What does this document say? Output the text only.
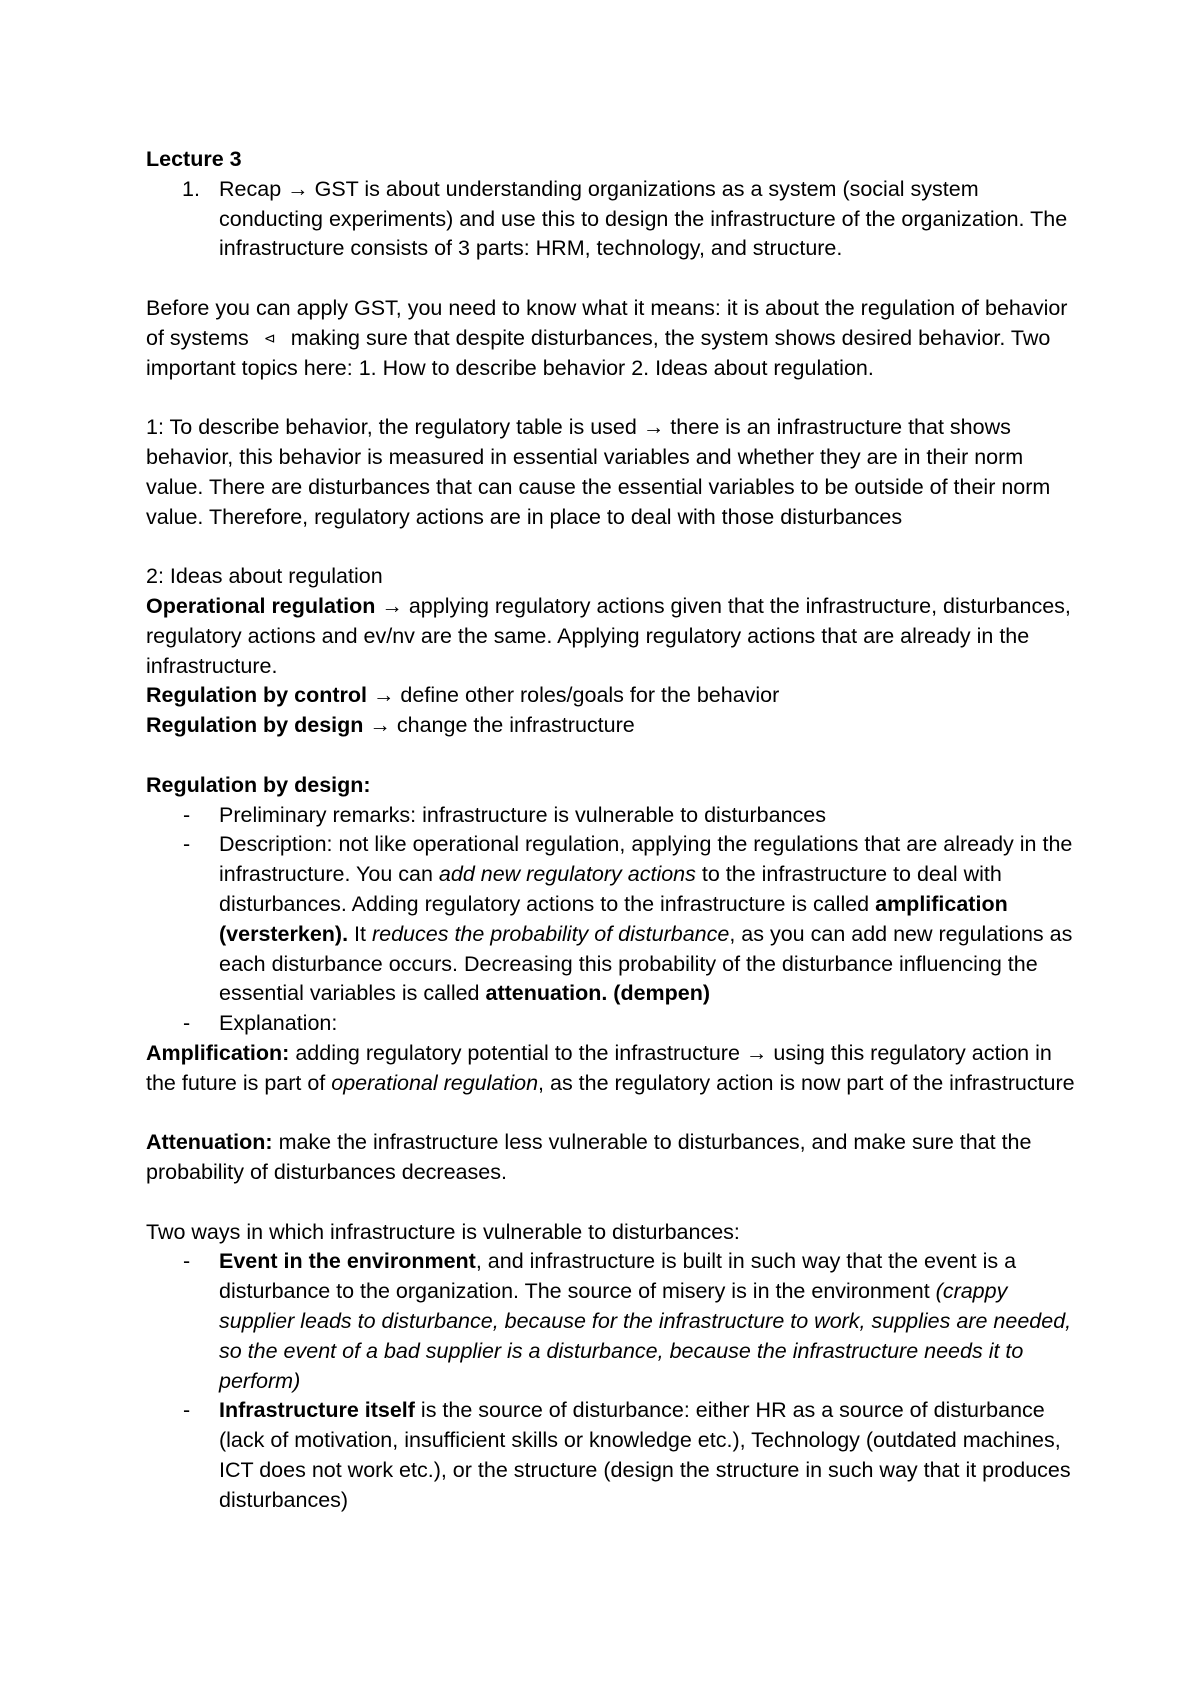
Lecture 3

1. Recap → GST is about understanding organizations as a system (social system conducting experiments) and use this to design the infrastructure of the organization. The infrastructure consists of 3 parts: HRM, technology, and structure.

Before you can apply GST, you need to know what it means: it is about the regulation of behavior of systems ⊲ making sure that despite disturbances, the system shows desired behavior. Two important topics here: 1. How to describe behavior 2. Ideas about regulation.

1: To describe behavior, the regulatory table is used → there is an infrastructure that shows behavior, this behavior is measured in essential variables and whether they are in their norm value. There are disturbances that can cause the essential variables to be outside of their norm value. Therefore, regulatory actions are in place to deal with those disturbances

2: Ideas about regulation

Operational regulation → applying regulatory actions given that the infrastructure, disturbances, regulatory actions and ev/nv are the same. Applying regulatory actions that are already in the infrastructure.

Regulation by control → define other roles/goals for the behavior

Regulation by design → change the infrastructure

Regulation by design:

- Preliminary remarks: infrastructure is vulnerable to disturbances
- Description: not like operational regulation, applying the regulations that are already in the infrastructure. You can add new regulatory actions to the infrastructure to deal with disturbances. Adding regulatory actions to the infrastructure is called amplification (versterken). It reduces the probability of disturbance, as you can add new regulations as each disturbance occurs. Decreasing this probability of the disturbance influencing the essential variables is called attenuation. (dempen)
- Explanation:

Amplification: adding regulatory potential to the infrastructure → using this regulatory action in the future is part of operational regulation, as the regulatory action is now part of the infrastructure

Attenuation: make the infrastructure less vulnerable to disturbances, and make sure that the probability of disturbances decreases.

Two ways in which infrastructure is vulnerable to disturbances:

- Event in the environment, and infrastructure is built in such way that the event is a disturbance to the organization. The source of misery is in the environment (crappy supplier leads to disturbance, because for the infrastructure to work, supplies are needed, so the event of a bad supplier is a disturbance, because the infrastructure needs it to perform)
- Infrastructure itself is the source of disturbance: either HR as a source of disturbance (lack of motivation, insufficient skills or knowledge etc.), Technology (outdated machines, ICT does not work etc.), or the structure (design the structure in such way that it produces disturbances)
